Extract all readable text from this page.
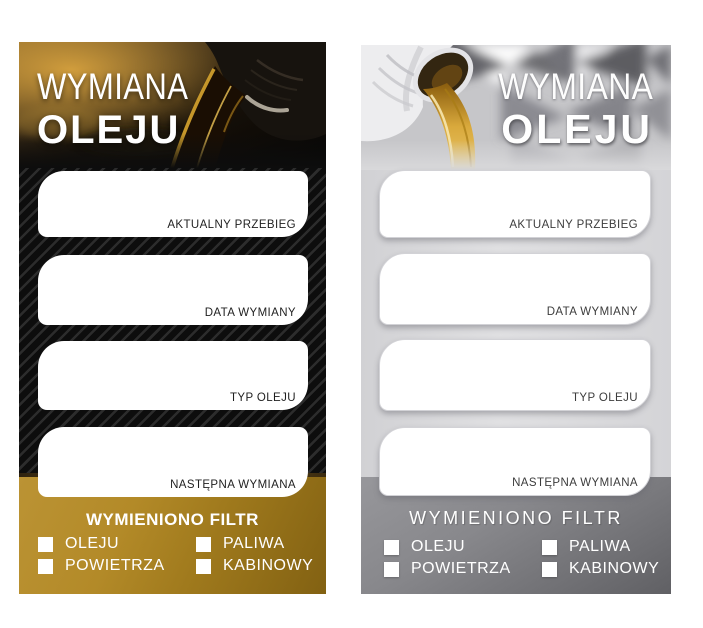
WYMIANA
OLEJU
AKTUALNY PRZEBIEG
DATA WYMIANY
TYP OLEJU
NASTĘPNA WYMIANA
WYMIENIONO FILTR
OLEJU	PALIWA
POWIETRZA	KABINOWY
WYMIANA
OLEJU
AKTUALNY PRZEBIEG
DATA WYMIANY
TYP OLEJU
NASTĘPNA WYMIANA
WYMIENIONO FILTR
OLEJU	PALIWA
POWIETRZA	KABINOWY
